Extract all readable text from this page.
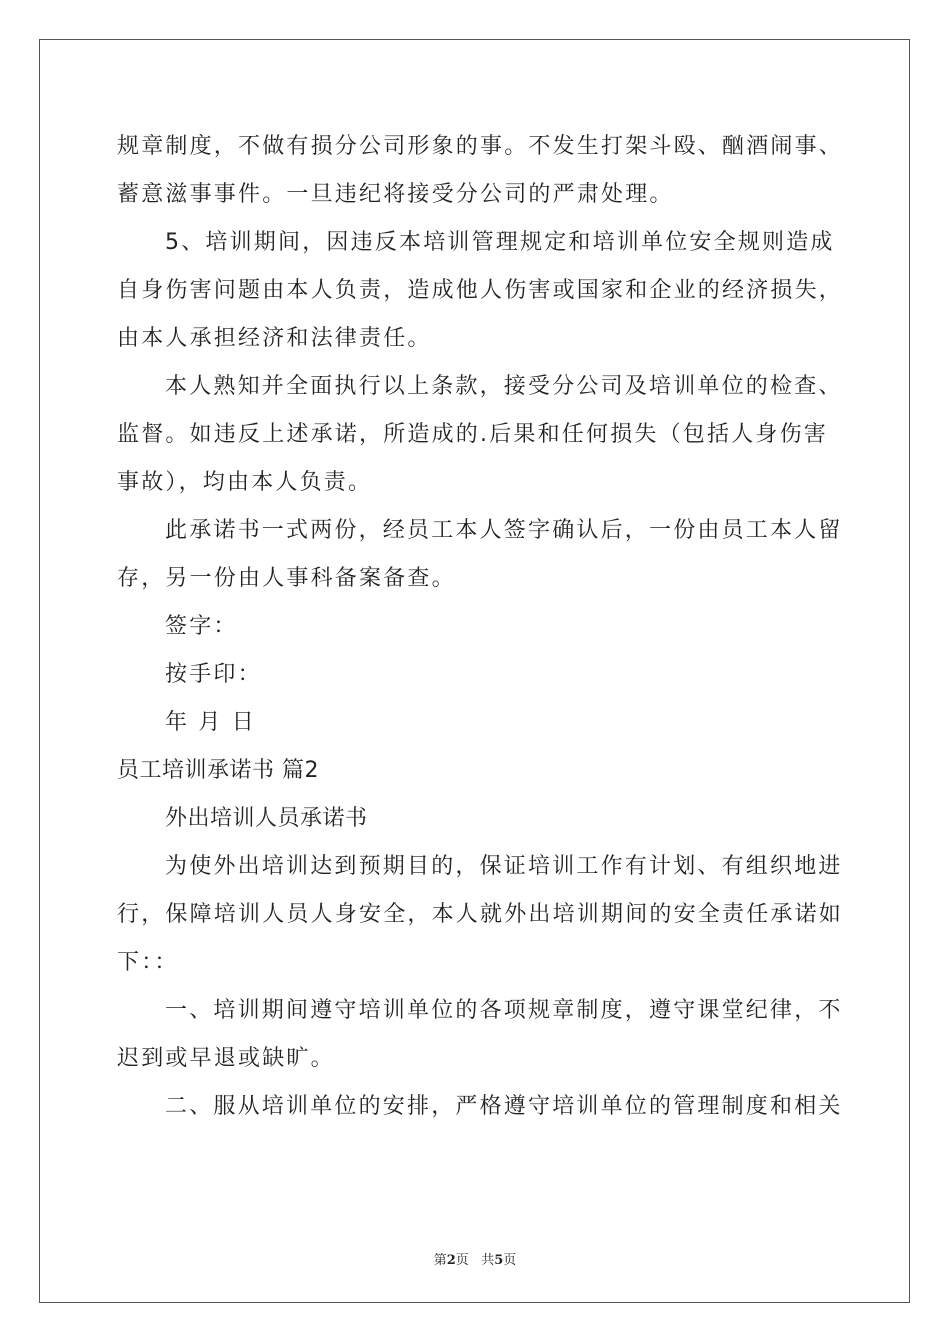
规章制度，不做有损分公司形象的事。不发生打架斗殴、酗酒闹事、
蓄意滋事事件。一旦违纪将接受分公司的严肃处理。
5、培训期间，因违反本培训管理规定和培训单位安全规则造成
自身伤害问题由本人负责，造成他人伤害或国家和企业的经济损失，
由本人承担经济和法律责任。
本人熟知并全面执行以上条款，接受分公司及培训单位的检查、
监督。如违反上述承诺，所造成的.后果和任何损失（包括人身伤害
事故），均由本人负责。
此承诺书一式两份，经员工本人签字确认后，一份由员工本人留
存，另一份由人事科备案备查。
签字：
按手印：
年 月 日
员工培训承诺书 篇2
外出培训人员承诺书
为使外出培训达到预期目的，保证培训工作有计划、有组织地进
行，保障培训人员人身安全，本人就外出培训期间的安全责任承诺如
下：：
一、培训期间遵守培训单位的各项规章制度，遵守课堂纪律，不
迟到或早退或缺旷。
二、服从培训单位的安排，严格遵守培训单位的管理制度和相关
第2页 共5页
